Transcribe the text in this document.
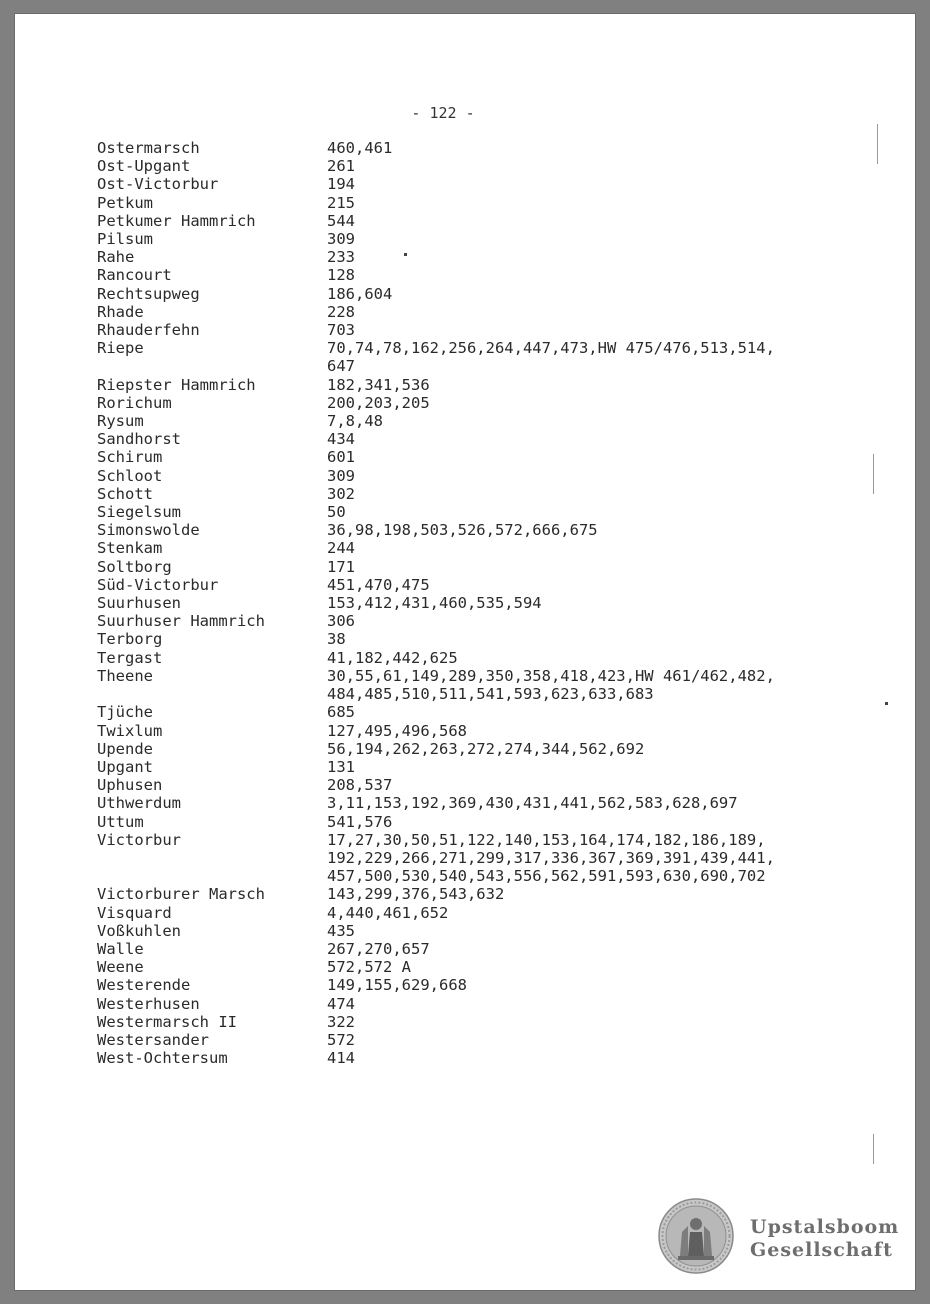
- 122 -
Ostermarsch	460,461
Ost-Upgant	261
Ost-Victorbur	194
Petkum	215
Petkumer Hammrich	544
Pilsum	309
Rahe	233
Rancourt	128
Rechtsupweg	186,604
Rhade	228
Rhauderfehn	703
Riepe	70,74,78,162,256,264,447,473,HW 475/476,513,514,
647
Riepster Hammrich	182,341,536
Rorichum	200,203,205
Rysum	7,8,48
Sandhorst	434
Schirum	601
Schloot	309
Schott	302
Siegelsum	50
Simonswolde	36,98,198,503,526,572,666,675
Stenkam	244
Soltborg	171
Süd-Victorbur	451,470,475
Suurhusen	153,412,431,460,535,594
Suurhuser Hammrich	306
Terborg	38
Tergast	41,182,442,625
Theene	30,55,61,149,289,350,358,418,423,HW 461/462,482,
484,485,510,511,541,593,623,633,683
Tjüche	685
Twixlum	127,495,496,568
Upende	56,194,262,263,272,274,344,562,692
Upgant	131
Uphusen	208,537
Uthwerdum	3,11,153,192,369,430,431,441,562,583,628,697
Uttum	541,576
Victorbur	17,27,30,50,51,122,140,153,164,174,182,186,189,
192,229,266,271,299,317,336,367,369,391,439,441,
457,500,530,540,543,556,562,591,593,630,690,702
Victorburer Marsch	143,299,376,543,632
Visquard	4,440,461,652
Voßkuhlen	435
Walle	267,270,657
Weene	572,572 A
Westerende	149,155,629,668
Westerhusen	474
Westermarsch II	322
Westersander	572
West-Ochtersum	414
Upstalsboom
Gesellschaft
